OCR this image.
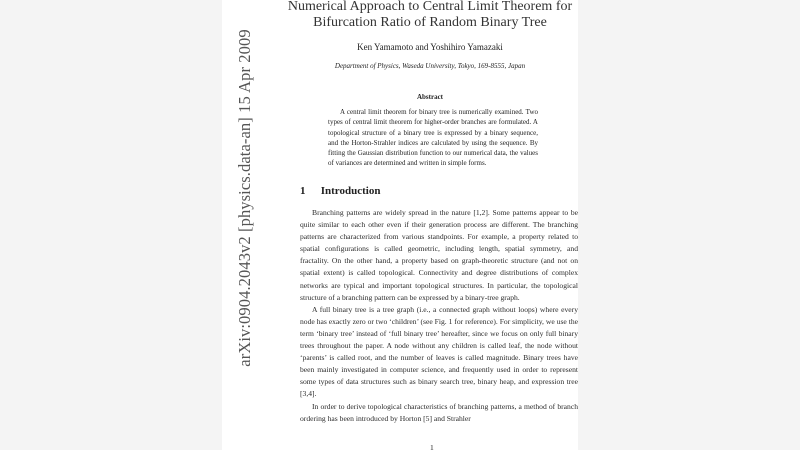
arXiv:0904.2043v2 [physics.data-an] 15 Apr 2009
Numerical Approach to Central Limit Theorem for
Bifurcation Ratio of Random Binary Tree
Ken Yamamoto and Yoshihiro Yamazaki
Department of Physics, Waseda University, Tokyo, 169-8555, Japan
Abstract

A central limit theorem for binary tree is numerically examined. Two types of central limit theorem for higher-order branches are formulated. A topological structure of a binary tree is expressed by a binary sequence, and the Horton-Strahler indices are calculated by using the sequence. By fitting the Gaussian distribution function to our numerical data, the values of variances are determined and written in simple forms.

1 Introduction

Branching patterns are widely spread in the nature [1,2]. Some patterns appear to be quite similar to each other even if their generation process are different. The branching patterns are characterized from various standpoints. For example, a property related to spatial configurations is called geometric, including length, spatial symmetry, and fractality. On the other hand, a property based on graph-theoretic structure (and not on spatial extent) is called topological. Connectivity and degree distributions of complex networks are typical and important topological structures. In particular, the topological structure of a branching pattern can be expressed by a binary-tree graph.

A full binary tree is a tree graph (i.e., a connected graph without loops) where every node has exactly zero or two ‘children’ (see Fig. 1 for reference). For simplicity, we use the term ‘binary tree’ instead of ‘full binary tree’ hereafter, since we focus on only full binary trees throughout the paper. A node without any children is called leaf, the node without ‘parents’ is called root, and the number of leaves is called magnitude. Binary trees have been mainly investigated in computer science, and frequently used in order to represent some types of data structures such as binary search tree, binary heap, and expression tree [3,4].

In order to derive topological characteristics of branching patterns, a method of branch ordering has been introduced by Horton [5] and Strahler

1
